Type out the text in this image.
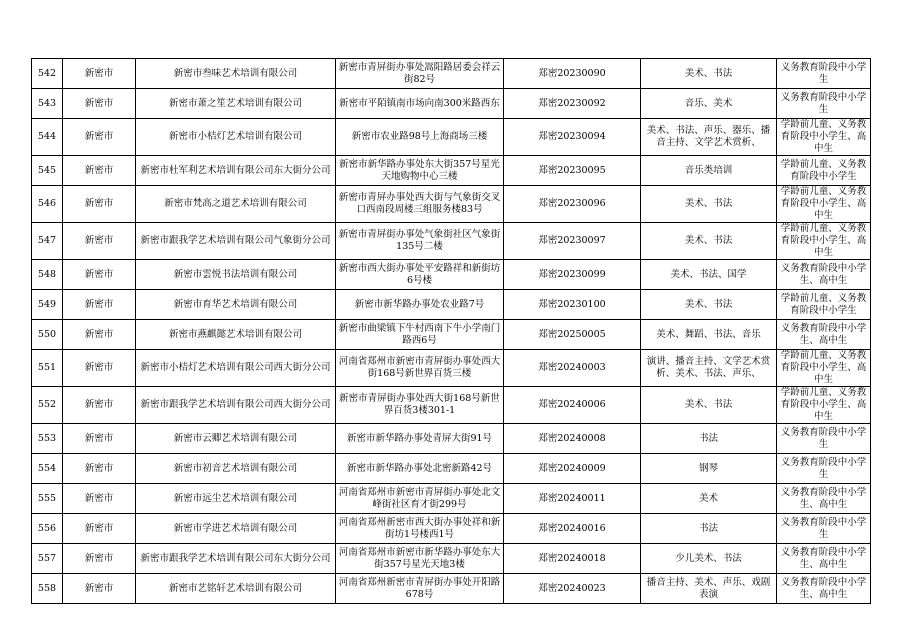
542	新密市	新密市叁味艺术培训有限公司	新密市青屏街办事处嵩阳路居委会祥云街82号	郑密20230090	美术、书法	义务教育阶段中小学生
543	新密市	新密市萧之笙艺术培训有限公司	新密市平陌镇南市场向南300米路西东	郑密20230092	音乐、美术	义务教育阶段中小学生
544	新密市	新密市小桔灯艺术培训有限公司	新密市农业路98号上海商场三楼	郑密20230094	美术、书法、声乐、器乐、播音主持、文学艺术赏析、	学龄前儿童、义务教育阶段中小学生、高中生
545	新密市	新密市杜军利艺术培训有限公司东大街分公司	新密市新华路办事处东大街357号星光天地购物中心三楼	郑密20230095	音乐类培训	学龄前儿童、义务教育阶段中小学生
546	新密市	新密市梵高之道艺术培训有限公司	新密市青屏办事处西大街与气象街交叉口西南段周楼三组服务楼83号	郑密20230096	美术、书法	学龄前儿童、义务教育阶段中小学生、高中生
547	新密市	新密市跟我学艺术培训有限公司气象街分公司	新密市青屏街办事处气象街社区气象街135号二楼	郑密20230097	美术、书法	学龄前儿童、义务教育阶段中小学生、高中生
548	新密市	新密市雲悦书法培训有限公司	新密市西大街办事处平安路祥和新街坊6号楼	郑密20230099	美术、书法、国学	义务教育阶段中小学生、高中生
549	新密市	新密市育华艺术培训有限公司	新密市新华路办事处农业路7号	郑密20230100	美术、书法	学龄前儿童、义务教育阶段中小学生
550	新密市	新密市燕麒懿艺术培训有限公司	新密市曲梁镇下牛村西南下牛小学南门路西6号	郑密20250005	美术、舞蹈、书法、音乐	义务教育阶段中小学生、高中生
551	新密市	新密市小桔灯艺术培训有限公司西大街分公司	河南省郑州市新密市青屏街办事处西大街168号新世界百货三楼	郑密20240003	演讲、播音主持、文学艺术赏析、美术、书法、声乐、	学龄前儿童、义务教育阶段中小学生、高中生
552	新密市	新密市跟我学艺术培训有限公司西大街分公司	新密市青屏街办事处西大街168号新世界百货3楼301-1	郑密20240006	美术、书法	学龄前儿童、义务教育阶段中小学生、高中生
553	新密市	新密市云卿艺术培训有限公司	新密市新华路办事处青屏大街91号	郑密20240008	书法	义务教育阶段中小学生
554	新密市	新密市初音艺术培训有限公司	新密市新华路办事处北密新路42号	郑密20240009	钢琴	义务教育阶段中小学生
555	新密市	新密市远尘艺术培训有限公司	河南省郑州市新密市青屏街办事处北文峰街社区育才街299号	郑密20240011	美术	义务教育阶段中小学生、高中生
556	新密市	新密市学进艺术培训有限公司	河南省郑州新密市西大街办事处祥和新街坊1号楼西1号	郑密20240016	书法	义务教育阶段中小学生
557	新密市	新密市跟我学艺术培训有限公司东大街分公司	河南省郑州市新密市新华路办事处东大街357号星光天地3楼	郑密20240018	少儿美术、书法	义务教育阶段中小学生、高中生
558	新密市	新密市艺铭轩艺术培训有限公司	河南省郑州新密市青屏街办事处开阳路678号	郑密20240023	播音主持、美术、声乐、戏剧表演	义务教育阶段中小学生、高中生
